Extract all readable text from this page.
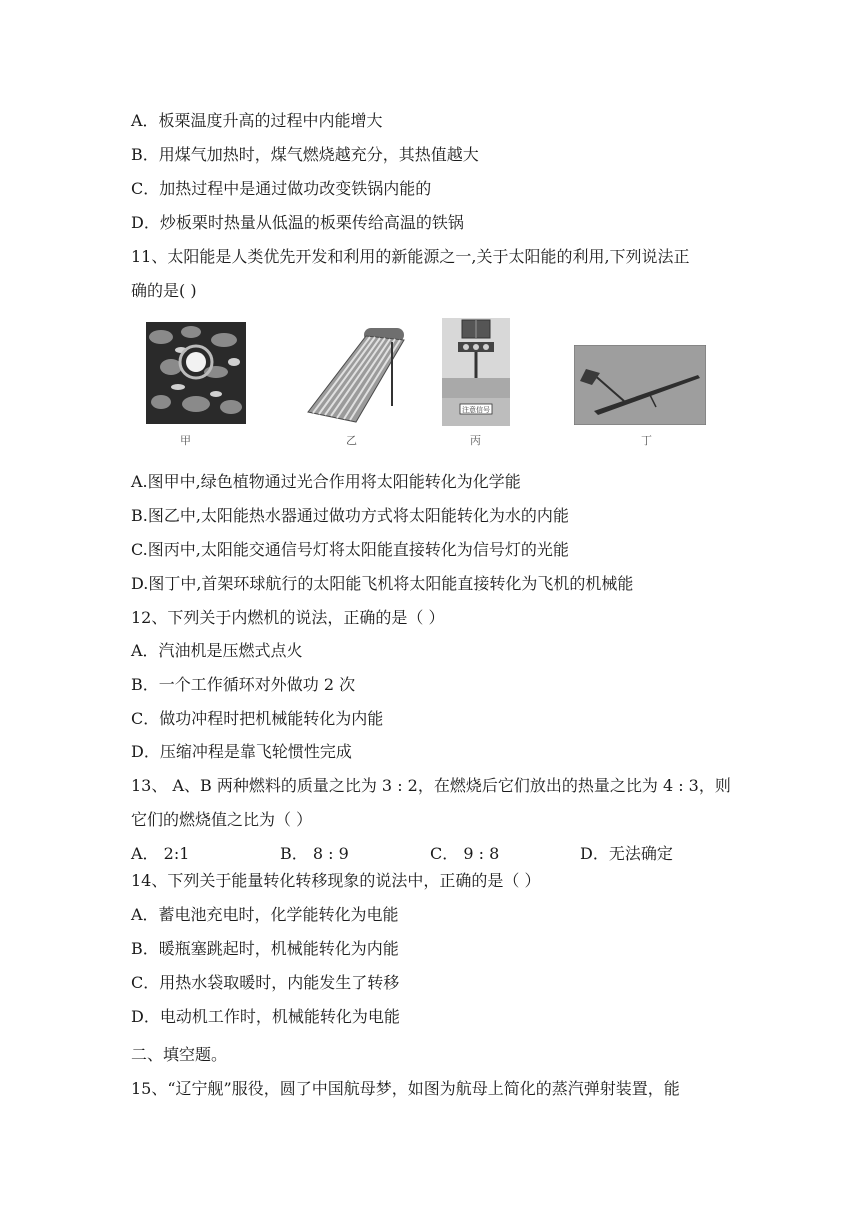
A．板栗温度升高的过程中内能增大
B．用煤气加热时，煤气燃烧越充分，其热值越大
C．加热过程中是通过做功改变铁锅内能的
D．炒板栗时热量从低温的板栗传给高温的铁锅
11、太阳能是人类优先开发和利用的新能源之一,关于太阳能的利用,下列说法正
确的是( )
甲	乙
注意信号
丙	丁
A.图甲中,绿色植物通过光合作用将太阳能转化为化学能
B.图乙中,太阳能热水器通过做功方式将太阳能转化为水的内能
C.图丙中,太阳能交通信号灯将太阳能直接转化为信号灯的光能
D.图丁中,首架环球航行的太阳能飞机将太阳能直接转化为飞机的机械能
12、下列关于内燃机的说法，正确的是（ ）
A．汽油机是压燃式点火
B．一个工作循环对外做功 2 次
C．做功冲程时把机械能转化为内能
D．压缩冲程是靠飞轮惯性完成
13、 A、B 两种燃料的质量之比为 3 : 2，在燃烧后它们放出的热量之比为 4 : 3，则
它们的燃烧值之比为（ ）
A． 2:1	B． 8 : 9	C． 9 : 8	D．无法确定
14、下列关于能量转化转移现象的说法中，正确的是（ ）
A．蓄电池充电时，化学能转化为电能
B．暖瓶塞跳起时，机械能转化为内能
C．用热水袋取暖时，内能发生了转移
D．电动机工作时，机械能转化为电能
二、填空题。
15、“辽宁舰”服役，圆了中国航母梦，如图为航母上简化的蒸汽弹射装置，能
